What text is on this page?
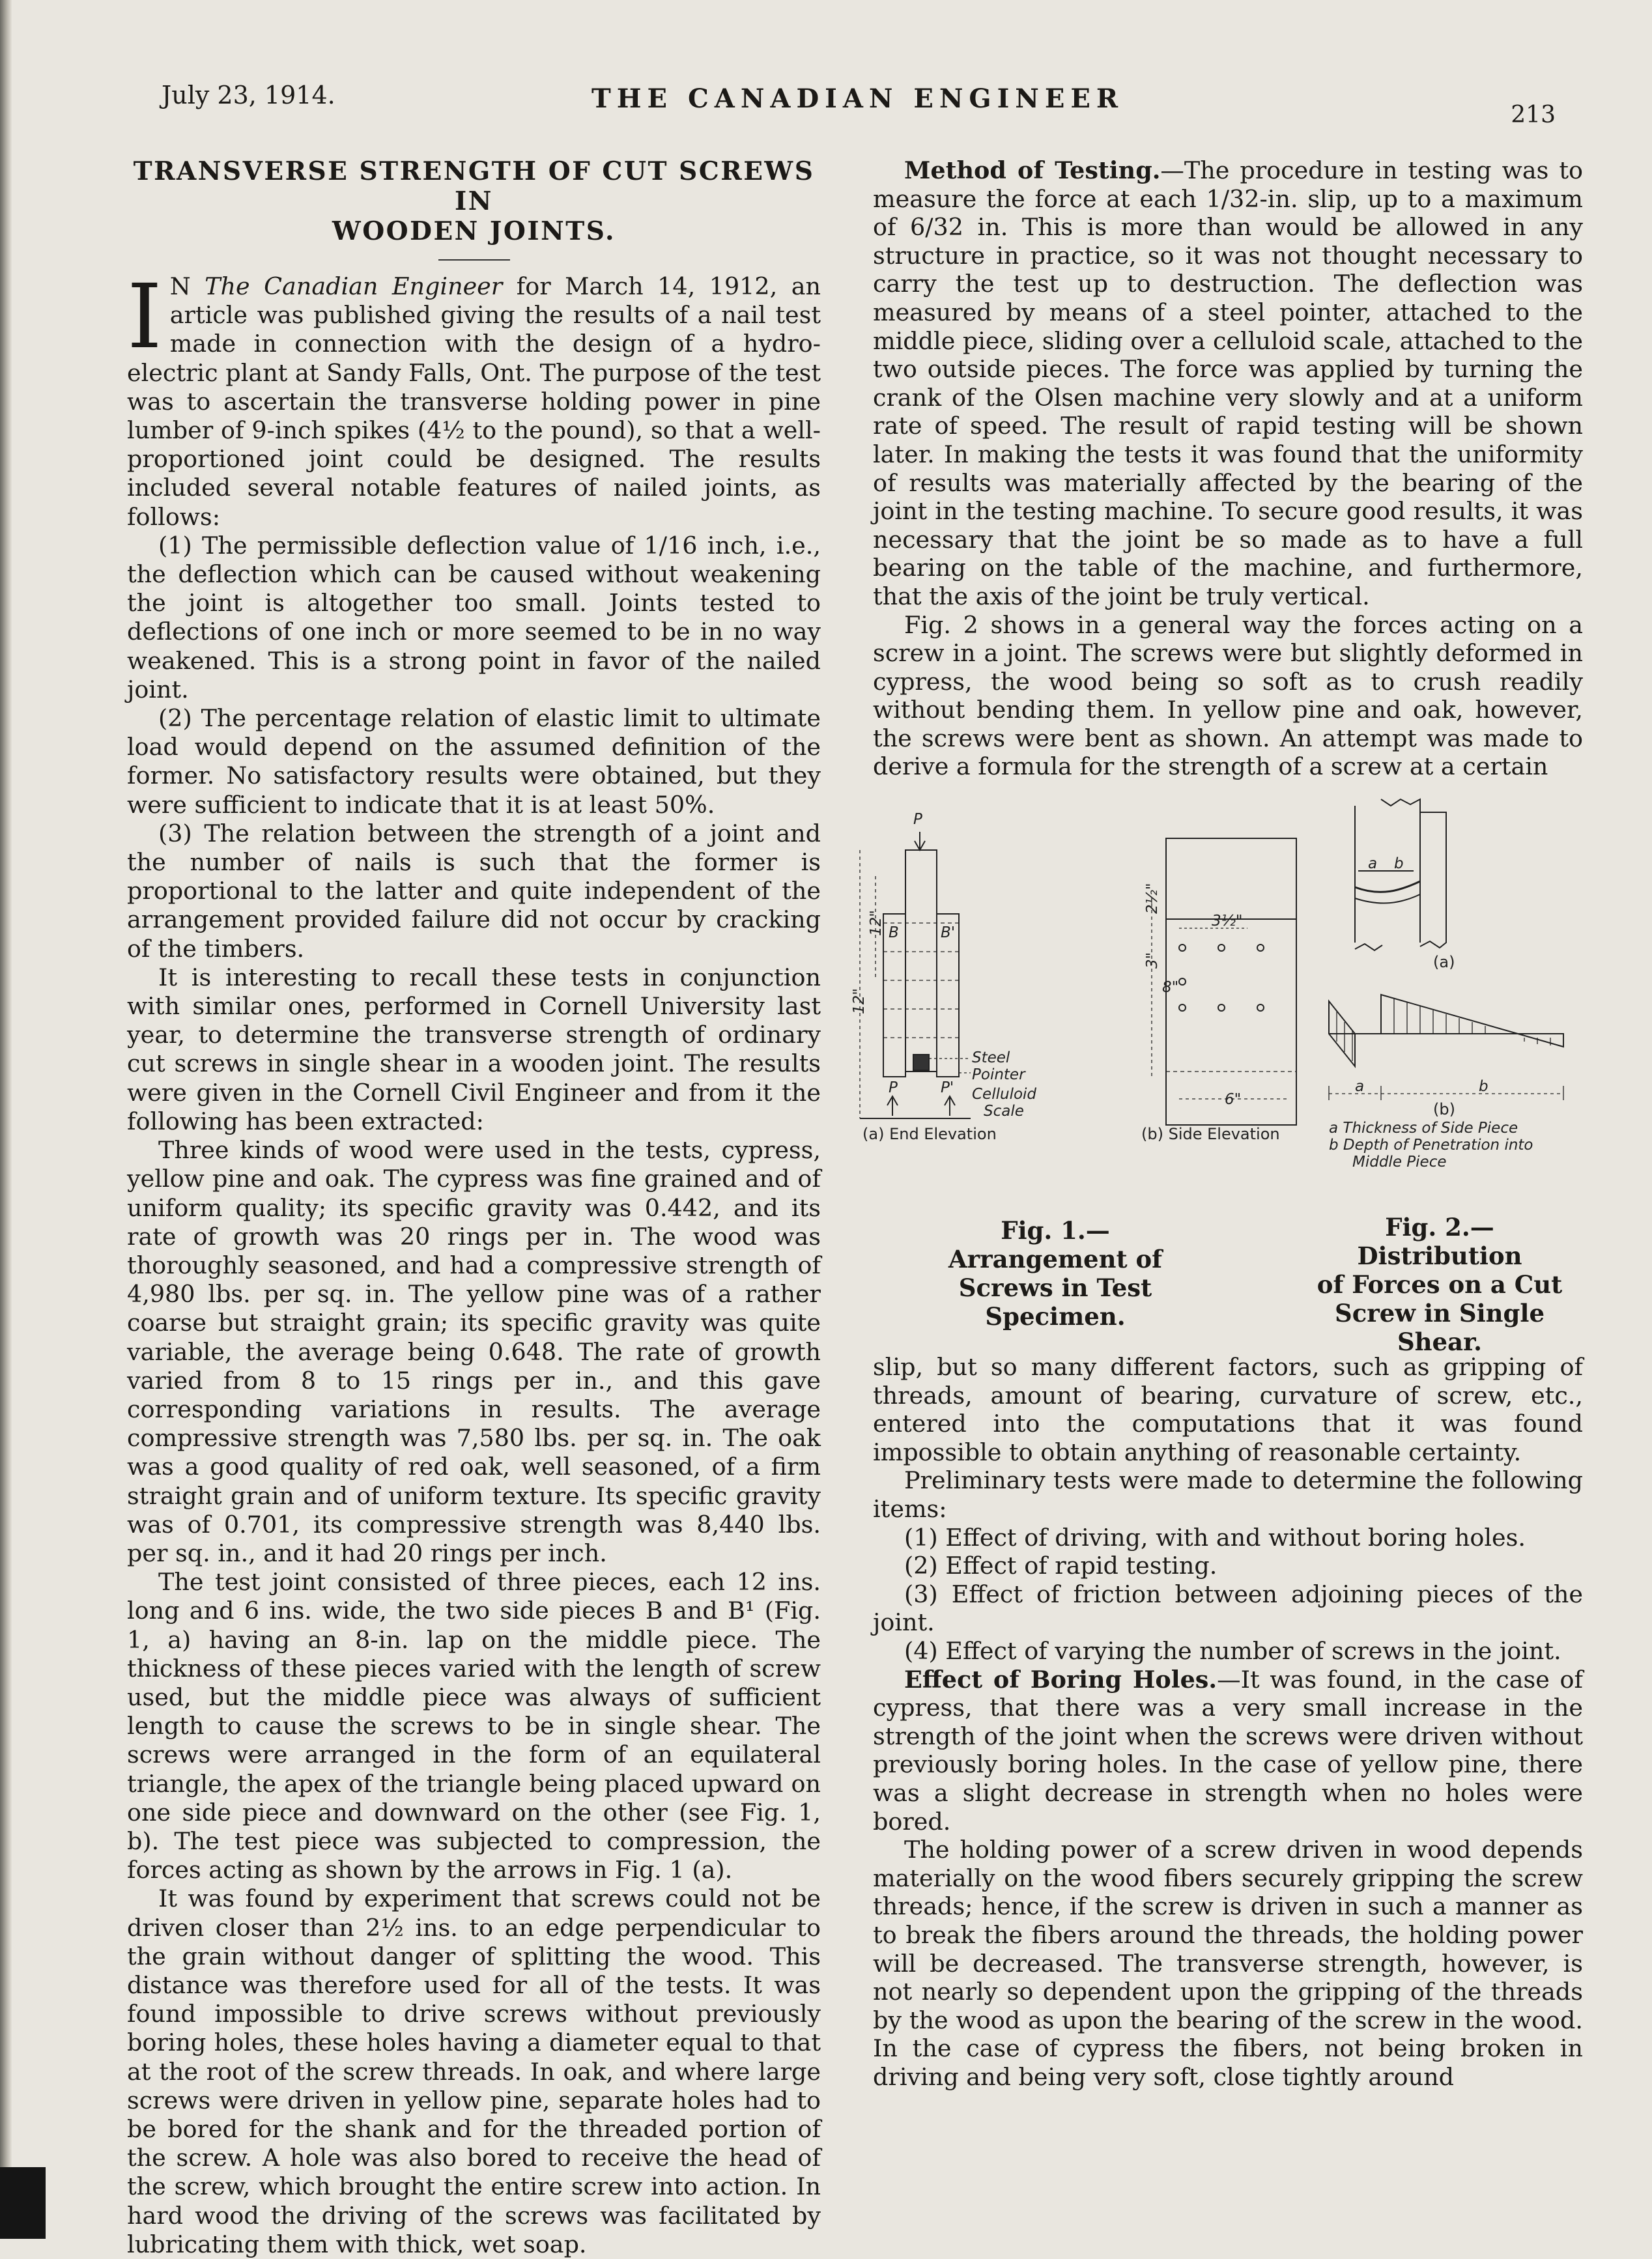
July 23, 1914.	THE CANADIAN ENGINEER
213
TRANSVERSE STRENGTH OF CUT SCREWS IN
WOODEN JOINTS.

I N The Canadian Engineer for March 14, 1912, an article was published giving the results of a nail test made in connection with the design of a hydro-electric plant at Sandy Falls, Ont. The purpose of the test was to ascertain the transverse holding power in pine lumber of 9-inch spikes (4½ to the pound), so that a well-proportioned joint could be designed. The results included several notable features of nailed joints, as follows:

(1) The permissible deflection value of 1/16 inch, i.e., the deflection which can be caused without weakening the joint is altogether too small. Joints tested to deflections of one inch or more seemed to be in no way weakened. This is a strong point in favor of the nailed joint.

(2) The percentage relation of elastic limit to ultimate load would depend on the assumed definition of the former. No satisfactory results were obtained, but they were sufficient to indicate that it is at least 50%.

(3) The relation between the strength of a joint and the number of nails is such that the former is proportional to the latter and quite independent of the arrangement provided failure did not occur by cracking of the timbers.

It is interesting to recall these tests in conjunction with similar ones, performed in Cornell University last year, to determine the transverse strength of ordinary cut screws in single shear in a wooden joint. The results were given in the Cornell Civil Engineer and from it the following has been extracted:

Three kinds of wood were used in the tests, cypress, yellow pine and oak. The cypress was fine grained and of uniform quality; its specific gravity was 0.442, and its rate of growth was 20 rings per in. The wood was thoroughly seasoned, and had a compressive strength of 4,980 lbs. per sq. in. The yellow pine was of a rather coarse but straight grain; its specific gravity was quite variable, the average being 0.648. The rate of growth varied from 8 to 15 rings per in., and this gave corresponding variations in results. The average compressive strength was 7,580 lbs. per sq. in. The oak was a good quality of red oak, well seasoned, of a firm straight grain and of uniform texture. Its specific gravity was of 0.701, its compressive strength was 8,440 lbs. per sq. in., and it had 20 rings per inch.

The test joint consisted of three pieces, each 12 ins. long and 6 ins. wide, the two side pieces B and B¹ (Fig. 1, a) having an 8-in. lap on the middle piece. The thickness of these pieces varied with the length of screw used, but the middle piece was always of sufficient length to cause the screws to be in single shear. The screws were arranged in the form of an equilateral triangle, the apex of the triangle being placed upward on one side piece and downward on the other (see Fig. 1, b). The test piece was subjected to compression, the forces acting as shown by the arrows in Fig. 1 (a).

It was found by experiment that screws could not be driven closer than 2½ ins. to an edge perpendicular to the grain without danger of splitting the wood. This distance was therefore used for all of the tests. It was found impossible to drive screws without previously boring holes, these holes having a diameter equal to that at the root of the screw threads. In oak, and where large screws were driven in yellow pine, separate holes had to be bored for the shank and for the threaded portion of the screw. A hole was also bored to receive the head of the screw, which brought the entire screw into action. In hard wood the driving of the screws was facilitated by lubricating them with thick, wet soap.

Method of Testing.—The procedure in testing was to measure the force at each 1/32-in. slip, up to a maximum of 6/32 in. This is more than would be allowed in any structure in practice, so it was not thought necessary to carry the test up to destruction. The deflection was measured by means of a steel pointer, attached to the middle piece, sliding over a celluloid scale, attached to the two outside pieces. The force was applied by turning the crank of the Olsen machine very slowly and at a uniform rate of speed. The result of rapid testing will be shown later. In making the tests it was found that the uniformity of results was materially affected by the bearing of the joint in the testing machine. To secure good results, it was necessary that the joint be so made as to have a full bearing on the table of the machine, and furthermore, that the axis of the joint be truly vertical.

Fig. 2 shows in a general way the forces acting on a screw in a joint. The screws were but slightly deformed in cypress, the wood being so soft as to crush readily without bending them. In yellow pine and oak, however, the screws were bent as shown. An attempt was made to derive a formula for the strength of a screw at a certain

P
B	B'
P	P'
12"
12"
Steel
Pointer
Celluloid
Scale
(a) End Elevation
2½"
3"
8"
3½"
6"
(b) Side Elevation
a b
(a)
a	b
(b)
a Thickness of Side Piece
b Depth of Penetration into
Middle Piece
Fig. 1.—Arrangement of
Screws in Test
Specimen.
Fig. 2.—Distribution
of Forces on a Cut
Screw in Single
Shear.

slip, but so many different factors, such as gripping of threads, amount of bearing, curvature of screw, etc., entered into the computations that it was found impossible to obtain anything of reasonable certainty.

Preliminary tests were made to determine the following items:

(1) Effect of driving, with and without boring holes.

(2) Effect of rapid testing.

(3) Effect of friction between adjoining pieces of the joint.

(4) Effect of varying the number of screws in the joint.

Effect of Boring Holes.—It was found, in the case of cypress, that there was a very small increase in the strength of the joint when the screws were driven without previously boring holes. In the case of yellow pine, there was a slight decrease in strength when no holes were bored.

The holding power of a screw driven in wood depends materially on the wood fibers securely gripping the screw threads; hence, if the screw is driven in such a manner as to break the fibers around the threads, the holding power will be decreased. The transverse strength, however, is not nearly so dependent upon the gripping of the threads by the wood as upon the bearing of the screw in the wood. In the case of cypress the fibers, not being broken in driving and being very soft, close tightly around
